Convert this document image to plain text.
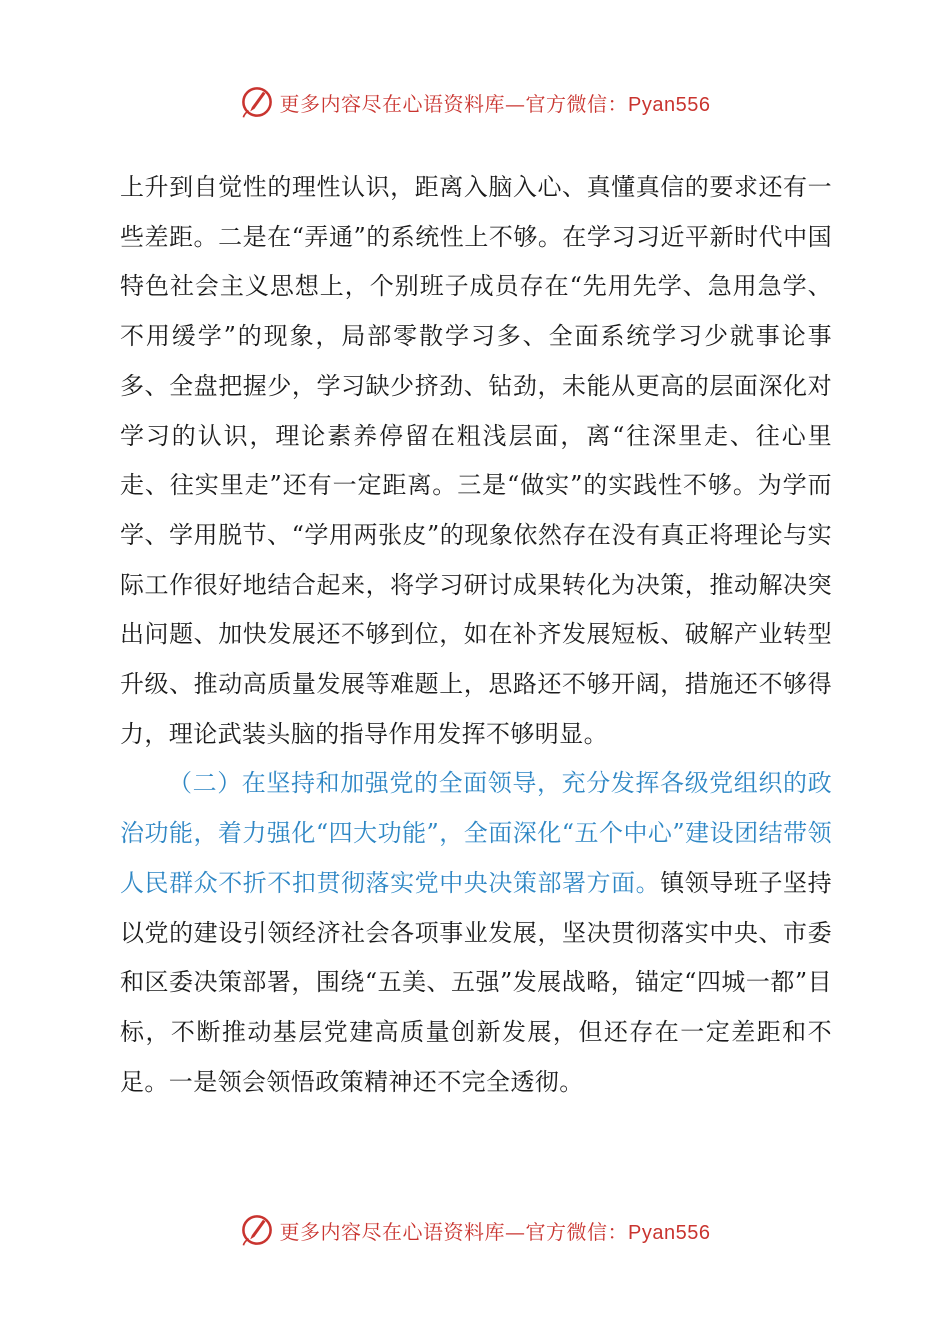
更多内容尽在心语资料库—官方微信：Pyan556

上升到自觉性的理性认识，距离入脑入心、真懂真信的要求还有一些差距。二是在“弄通”的系统性上不够。在学习习近平新时代中国特色社会主义思想上，个别班子成员存在“先用先学、急用急学、不用缓学”的现象，局部零散学习多、全面系统学习少就事论事多、全盘把握少，学习缺少挤劲、钻劲，未能从更高的层面深化对学习的认识，理论素养停留在粗浅层面，离“往深里走、往心里走、往实里走”还有一定距离。三是“做实”的实践性不够。为学而学、学用脱节、“学用两张皮”的现象依然存在没有真正将理论与实际工作很好地结合起来，将学习研讨成果转化为决策，推动解决突出问题、加快发展还不够到位，如在补齐发展短板、破解产业转型升级、推动高质量发展等难题上，思路还不够开阔，措施还不够得力，理论武装头脑的指导作用发挥不够明显。

（二）在坚持和加强党的全面领导，充分发挥各级党组织的政治功能，着力强化“四大功能”，全面深化“五个中心”建设团结带领人民群众不折不扣贯彻落实党中央决策部署方面。镇领导班子坚持以党的建设引领经济社会各项事业发展，坚决贯彻落实中央、市委和区委决策部署，围绕“五美、五强”发展战略，锚定“四城一都”目标，不断推动基层党建高质量创新发展，但还存在一定差距和不足。一是领会领悟政策精神还不完全透彻。

更多内容尽在心语资料库—官方微信：Pyan556
